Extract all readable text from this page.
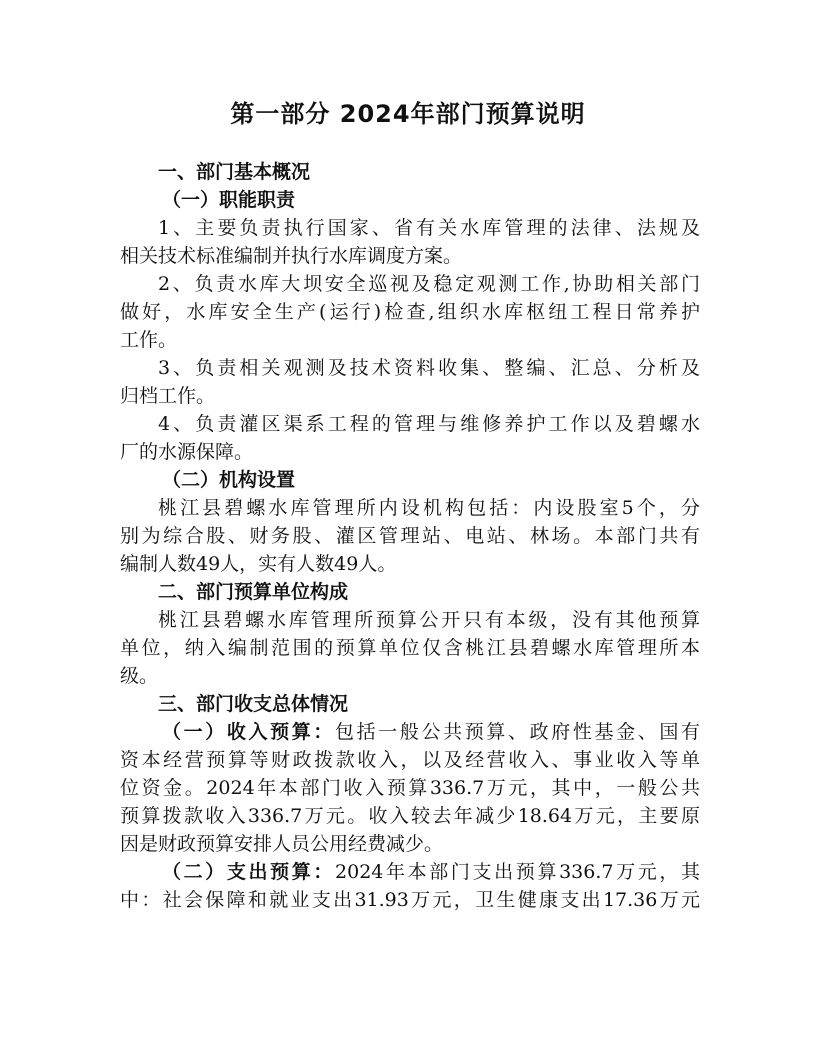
第一部分 2024年部门预算说明
一、部门基本概况
（一）职能职责
1、主要负责执行国家、省有关水库管理的法律、法规及
相关技术标准编制并执行水库调度方案。
2、负责水库大坝安全巡视及稳定观测工作,协助相关部门
做好，水库安全生产(运行)检查,组织水库枢纽工程日常养护
工作。
3、负责相关观测及技术资料收集、整编、汇总、分析及
归档工作。
4、负责灌区渠系工程的管理与维修养护工作以及碧螺水
厂的水源保障。
（二）机构设置
桃江县碧螺水库管理所内设机构包括：内设股室5个，分
别为综合股、财务股、灌区管理站、电站、林场。本部门共有
编制人数49人，实有人数49人。
二、部门预算单位构成
桃江县碧螺水库管理所预算公开只有本级，没有其他预算
单位，纳入编制范围的预算单位仅含桃江县碧螺水库管理所本
级。
三、部门收支总体情况
（一）收入预算：包括一般公共预算、政府性基金、国有
资本经营预算等财政拨款收入，以及经营收入、事业收入等单
位资金。2024年本部门收入预算336.7万元，其中，一般公共
预算拨款收入336.7万元。收入较去年减少18.64万元，主要原
因是财政预算安排人员公用经费减少。
（二）支出预算：2024年本部门支出预算336.7万元，其
中：社会保障和就业支出31.93万元，卫生健康支出17.36万元
